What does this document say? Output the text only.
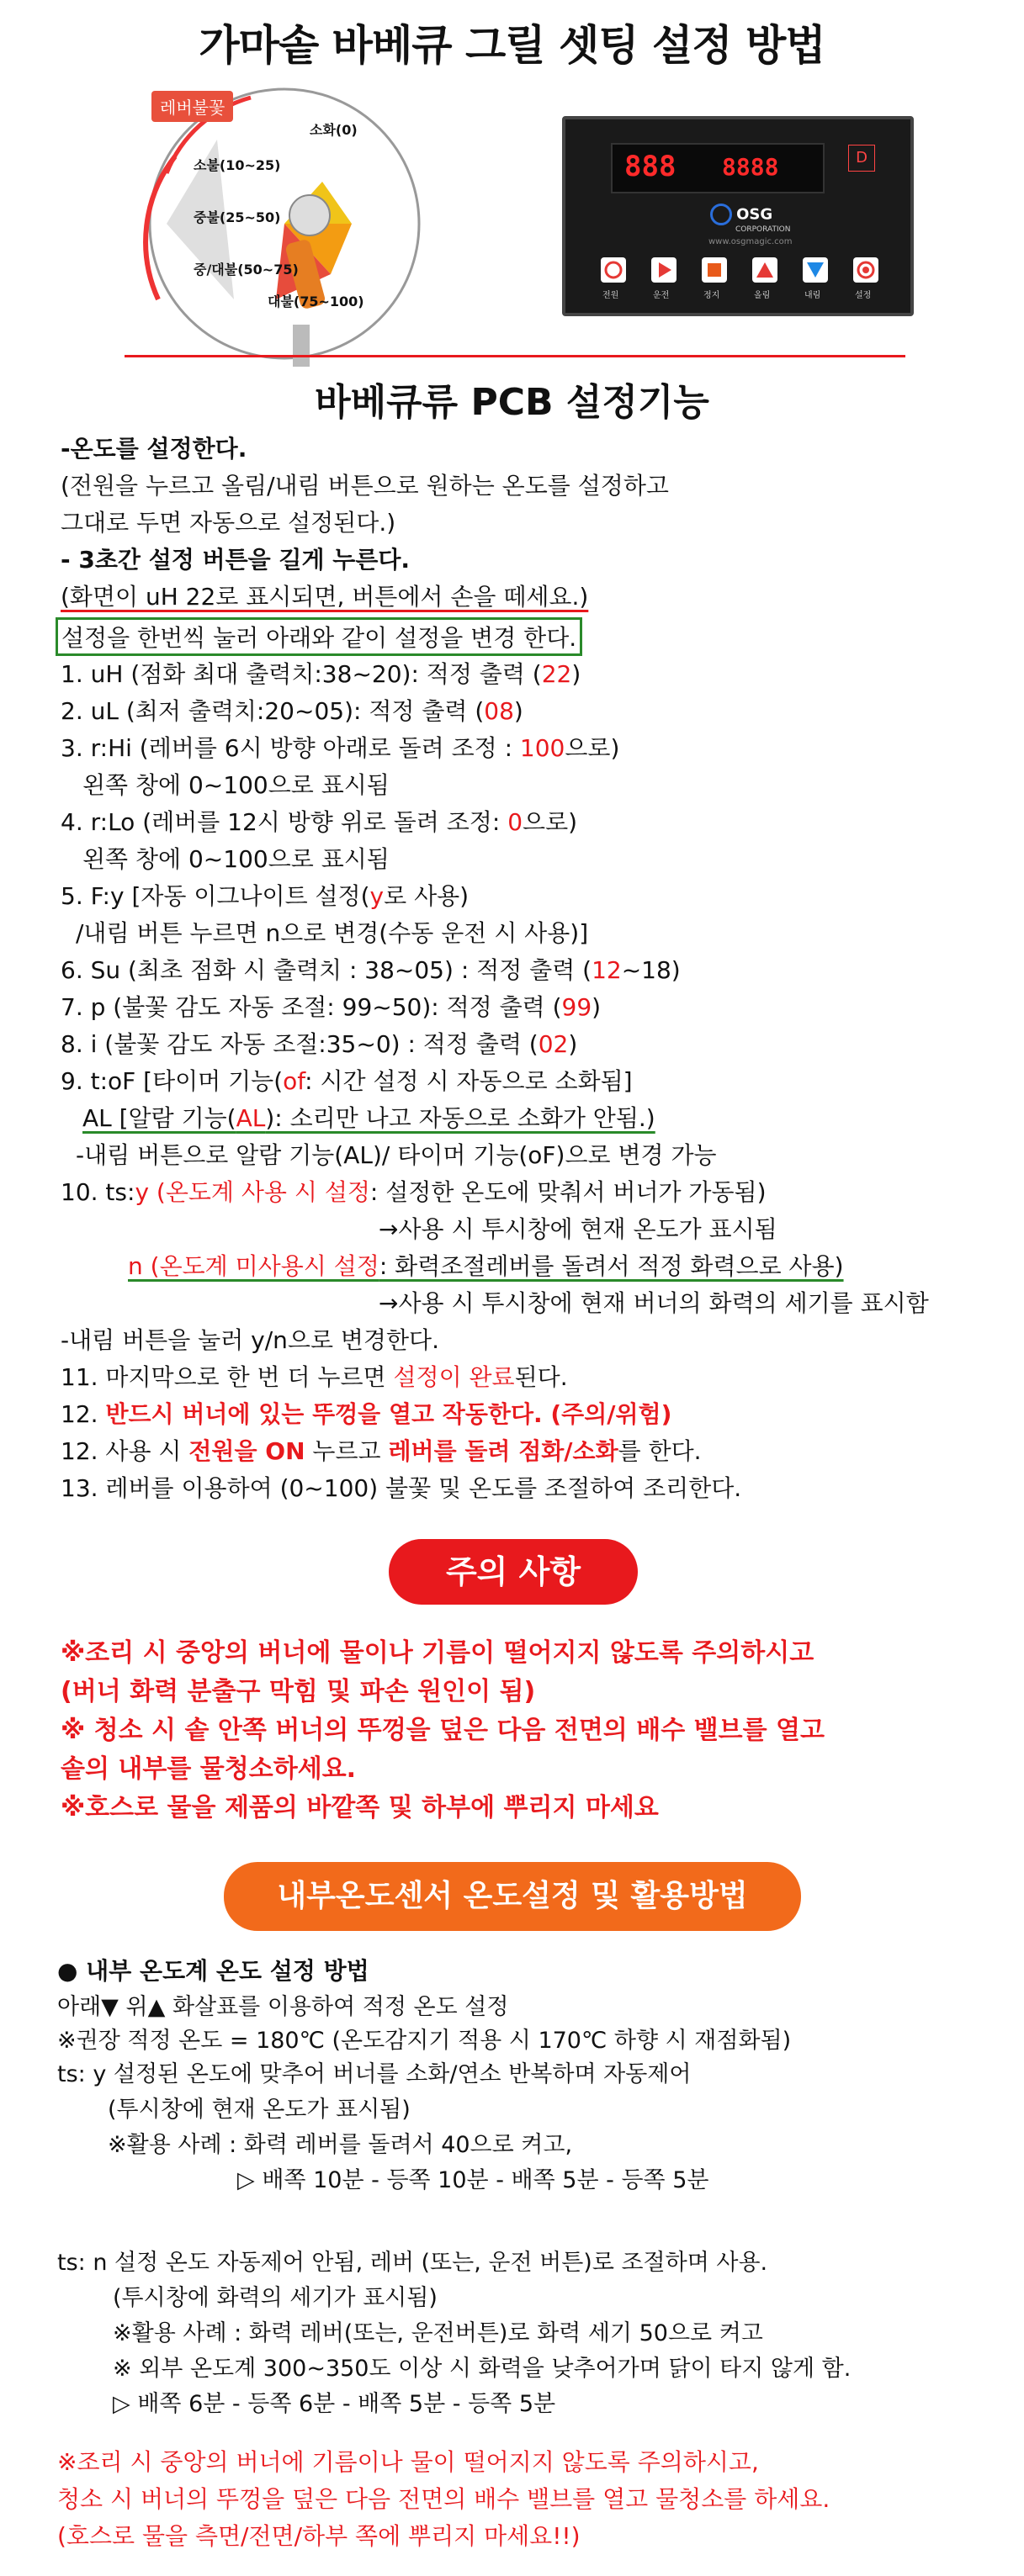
가마솥 바베큐 그릴 셋팅 설정 방법
레버불꽃
소화(0)
소불(10~25)
중불(25~50)
중/대불(50~75)
대불(75~100)
888 8888	D
OSG
CORPORATION
www.osgmagic.com
전원	운전	정지	올림	내림	설정
바베큐류 PCB 설정기능
-온도를 설정한다.
(전원을 누르고 올림/내림 버튼으로 원하는 온도를 설정하고
그대로 두면 자동으로 설정된다.)
- 3초간 설정 버튼을 길게 누른다.
(화면이 uH 22로 표시되면, 버튼에서 손을 떼세요.)
설정을 한번씩 눌러 아래와 같이 설정을 변경 한다.
1. uH (점화 최대 출력치:38~20): 적정 출력 (22)
2. uL (최저 출력치:20~05): 적정 출력 (08)
3. r:Hi (레버를 6시 방향 아래로 돌려 조정 : 100으로)
왼쪽 창에 0~100으로 표시됨
4. r:Lo (레버를 12시 방향 위로 돌려 조정: 0으로)
왼쪽 창에 0~100으로 표시됨
5. F:y [자동 이그나이트 설정(y로 사용)
/내림 버튼 누르면 n으로 변경(수동 운전 시 사용)]
6. Su (최초 점화 시 출력치 : 38~05) : 적정 출력 (12~18)
7. p (불꽃 감도 자동 조절: 99~50): 적정 출력 (99)
8. i (불꽃 감도 자동 조절:35~0) : 적정 출력 (02)
9. t:oF [타이머 기능(of: 시간 설정 시 자동으로 소화됨]
AL [알람 기능(AL): 소리만 나고 자동으로 소화가 안됨.)
-내림 버튼으로 알람 기능(AL)/ 타이머 기능(oF)으로 변경 가능
10. ts:y (온도계 사용 시 설정: 설정한 온도에 맞춰서 버너가 가동됨)
→사용 시 투시창에 현재 온도가 표시됨
n (온도계 미사용시 설정: 화력조절레버를 돌려서 적정 화력으로 사용)
→사용 시 투시창에 현재 버너의 화력의 세기를 표시함
-내림 버튼을 눌러 y/n으로 변경한다.
11. 마지막으로 한 번 더 누르면 설정이 완료된다.
12. 반드시 버너에 있는 뚜껑을 열고 작동한다. (주의/위험)
12. 사용 시 전원을 ON 누르고 레버를 돌려 점화/소화를 한다.
13. 레버를 이용하여 (0~100) 불꽃 및 온도를 조절하여 조리한다.
주의 사항
※조리 시 중앙의 버너에 물이나 기름이 떨어지지 않도록 주의하시고
(버너 화력 분출구 막힘 및 파손 원인이 됨)
※ 청소 시 솥 안쪽 버너의 뚜껑을 덮은 다음 전면의 배수 밸브를 열고
솥의 내부를 물청소하세요.
※호스로 물을 제품의 바깥쪽 및 하부에 뿌리지 마세요
내부온도센서 온도설정 및 활용방법
● 내부 온도계 온도 설정 방법
아래▼ 위▲ 화살표를 이용하여 적정 온도 설정
※권장 적정 온도 = 180℃ (온도감지기 적용 시 170℃ 하향 시 재점화됨)
ts: y 설정된 온도에 맞추어 버너를 소화/연소 반복하며 자동제어
(투시창에 현재 온도가 표시됨)
※활용 사례 : 화력 레버를 돌려서 40으로 켜고,
▷ 배쪽 10분 - 등쪽 10분 - 배쪽 5분 - 등쪽 5분
ts: n 설정 온도 자동제어 안됨, 레버 (또는, 운전 버튼)로 조절하며 사용.
(투시창에 화력의 세기가 표시됨)
※활용 사례 : 화력 레버(또는, 운전버튼)로 화력 세기 50으로 켜고
※ 외부 온도계 300~350도 이상 시 화력을 낮추어가며 닭이 타지 않게 함.
▷ 배쪽 6분 - 등쪽 6분 - 배쪽 5분 - 등쪽 5분
※조리 시 중앙의 버너에 기름이나 물이 떨어지지 않도록 주의하시고,
청소 시 버너의 뚜껑을 덮은 다음 전면의 배수 밸브를 열고 물청소를 하세요.
(호스로 물을 측면/전면/하부 쪽에 뿌리지 마세요!!)
